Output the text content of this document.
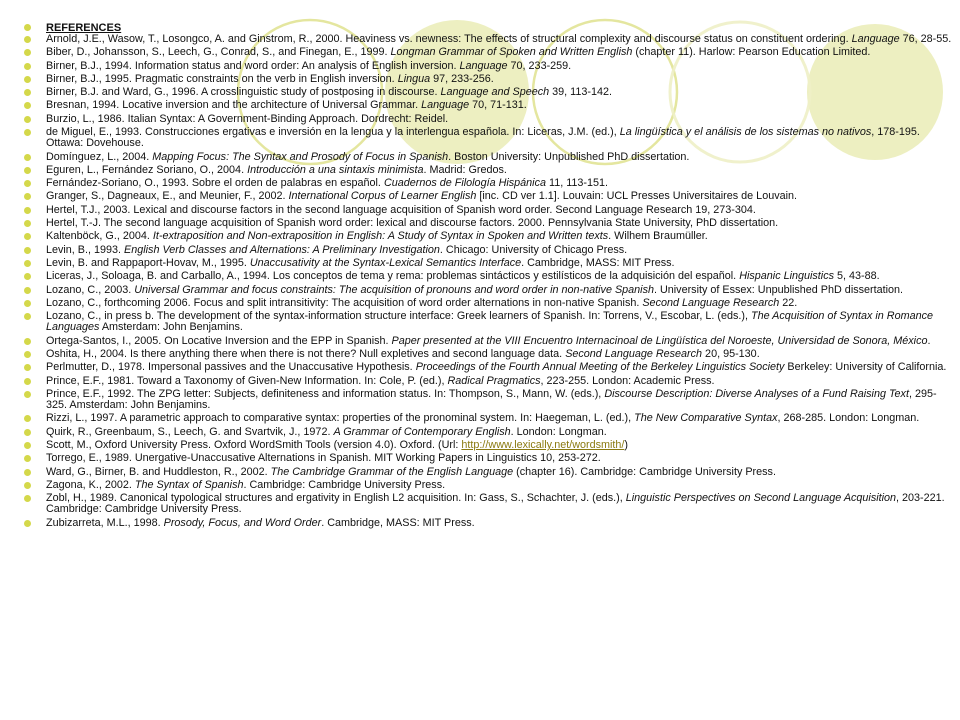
REFERENCES
Arnold, J.E., Wasow, T., Losongco, A. and Ginstrom, R., 2000. Heaviness vs. newness: The effects of structural complexity and discourse status on constituent ordering. Language 76, 28-55.
Biber, D., Johansson, S., Leech, G., Conrad, S., and Finegan, E., 1999. Longman Grammar of Spoken and Written English (chapter 11). Harlow: Pearson Education Limited.
Birner, B.J., 1994. Information status and word order: An analysis of English inversion. Language 70, 233-259.
Birner, B.J., 1995. Pragmatic constraints on the verb in English inversion. Lingua 97, 233-256.
Birner, B.J. and Ward, G., 1996. A crosslinguistic study of postposing in discourse. Language and Speech 39, 113-142.
Bresnan, 1994. Locative inversion and the architecture of Universal Grammar. Language 70, 71-131.
Burzio, L., 1986. Italian Syntax: A Government-Binding Approach. Dordrecht: Reidel.
de Miguel, E., 1993. Construcciones ergativas e inversión en la lengua y la interlengua española. In: Liceras, J.M. (ed.), La lingüística y el análisis de los sistemas no nativos, 178-195. Ottawa: Dovehouse.
Domínguez, L., 2004. Mapping Focus: The Syntax and Prosody of Focus in Spanish. Boston University: Unpublished PhD dissertation.
Eguren, L., Fernández Soriano, O., 2004. Introducción a una sintaxis minimista. Madrid: Gredos.
Fernández-Soriano, O., 1993. Sobre el orden de palabras en español. Cuadernos de Filología Hispánica 11, 113-151.
Granger, S., Dagneaux, E., and Meunier, F., 2002. International Corpus of Learner English [inc. CD ver 1.1]. Louvain: UCL Presses Universitaires de Louvain.
Hertel, T.J., 2003. Lexical and discourse factors in the second language acquisition of Spanish word order. Second Language Research 19, 273-304.
Hertel, T.-J. The second language acquisition of Spanish word order: lexical and discourse factors. 2000. Pennsylvania State University, PhD dissertation.
Kaltenböck, G., 2004. It-extraposition and Non-extraposition in English: A Study of Syntax in Spoken and Written texts. Wilhem Braumüller.
Levin, B., 1993. English Verb Classes and Alternations: A Preliminary Investigation. Chicago: University of Chicago Press.
Levin, B. and Rappaport-Hovav, M., 1995. Unaccusativity at the Syntax-Lexical Semantics Interface. Cambridge, MASS: MIT Press.
Liceras, J., Soloaga, B. and Carballo, A., 1994. Los conceptos de tema y rema: problemas sintácticos y estilísticos de la adquisición del español. Hispanic Linguistics 5, 43-88.
Lozano, C., 2003. Universal Grammar and focus constraints: The acquisition of pronouns and word order in non-native Spanish. University of Essex: Unpublished PhD dissertation.
Lozano, C., forthcoming 2006. Focus and split intransitivity: The acquisition of word order alternations in non-native Spanish. Second Language Research 22.
Lozano, C., in press b. The development of the syntax-information structure interface: Greek learners of Spanish. In: Torrens, V., Escobar, L. (eds.), The Acquisition of Syntax in Romance Languages Amsterdam: John Benjamins.
Ortega-Santos, I., 2005. On Locative Inversion and the EPP in Spanish. Paper presented at the VIII Encuentro Internacinoal de Lingüística del Noroeste, Universidad de Sonora, México.
Oshita, H., 2004. Is there anything there when there is not there? Null expletives and second language data. Second Language Research 20, 95-130.
Perlmutter, D., 1978. Impersonal passives and the Unaccusative Hypothesis. Proceedings of the Fourth Annual Meeting of the Berkeley Linguistics Society Berkeley: University of California.
Prince, E.F., 1981. Toward a Taxonomy of Given-New Information. In: Cole, P. (ed.), Radical Pragmatics, 223-255. London: Academic Press.
Prince, E.F., 1992. The ZPG letter: Subjects, definiteness and information status. In: Thompson, S., Mann, W. (eds.), Discourse Description: Diverse Analyses of a Fund Raising Text, 295-325. Amsterdam: John Benjamins.
Rizzi, L., 1997. A parametric approach to comparative syntax: properties of the pronominal system. In: Haegeman, L. (ed.), The New Comparative Syntax, 268-285. London: Longman.
Quirk, R., Greenbaum, S., Leech, G. and Svartvik, J., 1972. A Grammar of Contemporary English. London: Longman.
Scott, M., Oxford University Press. Oxford WordSmith Tools (version 4.0). Oxford. (Url: http://www.lexically.net/wordsmith/)
Torrego, E., 1989. Unergative-Unaccusative Alternations in Spanish. MIT Working Papers in Linguistics 10, 253-272.
Ward, G., Birner, B. and Huddleston, R., 2002. The Cambridge Grammar of the English Language (chapter 16). Cambridge: Cambridge University Press.
Zagona, K., 2002. The Syntax of Spanish. Cambridge: Cambridge University Press.
Zobl, H., 1989. Canonical typological structures and ergativity in English L2 acquisition. In: Gass, S., Schachter, J. (eds.), Linguistic Perspectives on Second Language Acquisition, 203-221. Cambridge: Cambridge University Press.
Zubizarreta, M.L., 1998. Prosody, Focus, and Word Order. Cambridge, MASS: MIT Press.
